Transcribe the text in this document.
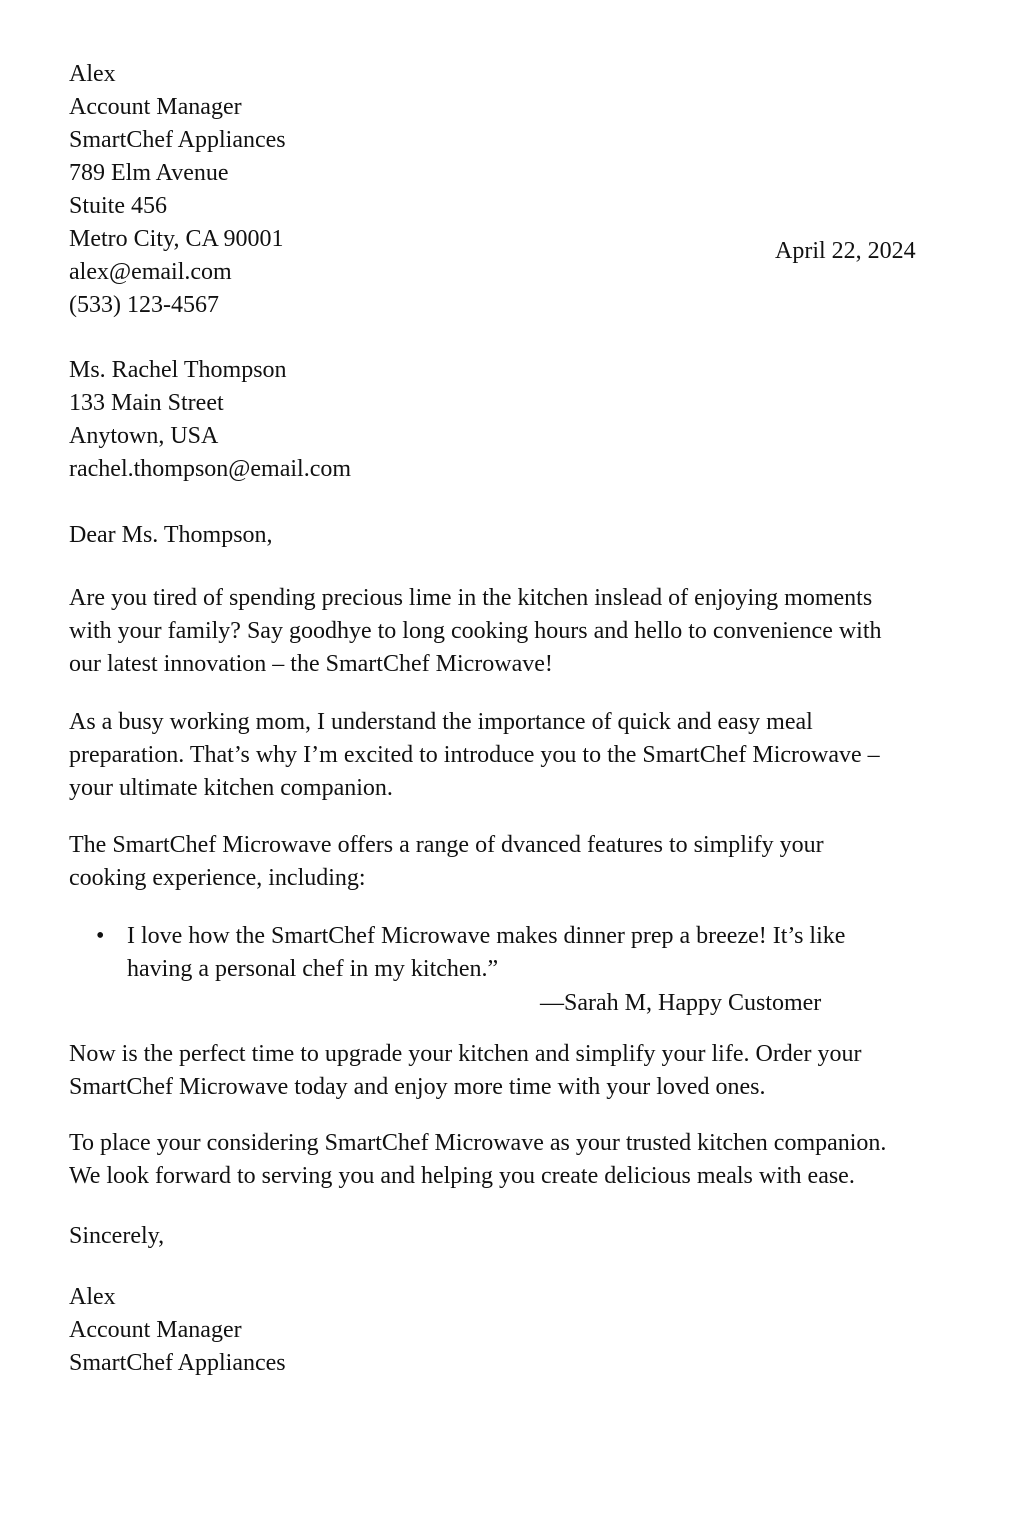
Alex
Account Manager
SmartChef Appliances
789 Elm Avenue
Stuite 456
Metro City, CA 90001
alex@email.com
(533) 123-4567
April 22, 2024
Ms. Rachel Thompson
133 Main Street
Anytown, USA
rachel.thompson@email.com
Dear Ms. Thompson,
Are you tired of spending precious lime in the kitchen inslead of enjoying moments
with your family? Say goodhye to long cooking hours and hello to convenience with
our latest innovation – the SmartChef Microwave!
As a busy working mom, I understand the importance of quick and easy meal
preparation. That’s why I’m excited to introduce you to the SmartChef Microwave –
your ultimate kitchen companion.
The SmartChef Microwave offers a range of dvanced features to simplify your
cooking experience, including:
• I love how the SmartChef Microwave makes dinner prep a breeze! It’s like
having a personal chef in my kitchen.”
—Sarah M, Happy Customer
Now is the perfect time to upgrade your kitchen and simplify your life. Order your
SmartChef Microwave today and enjoy more time with your loved ones.
To place your considering SmartChef Microwave as your trusted kitchen companion.
We look forward to serving you and helping you create delicious meals with ease.
Sincerely,
Alex
Account Manager
SmartChef Appliances
